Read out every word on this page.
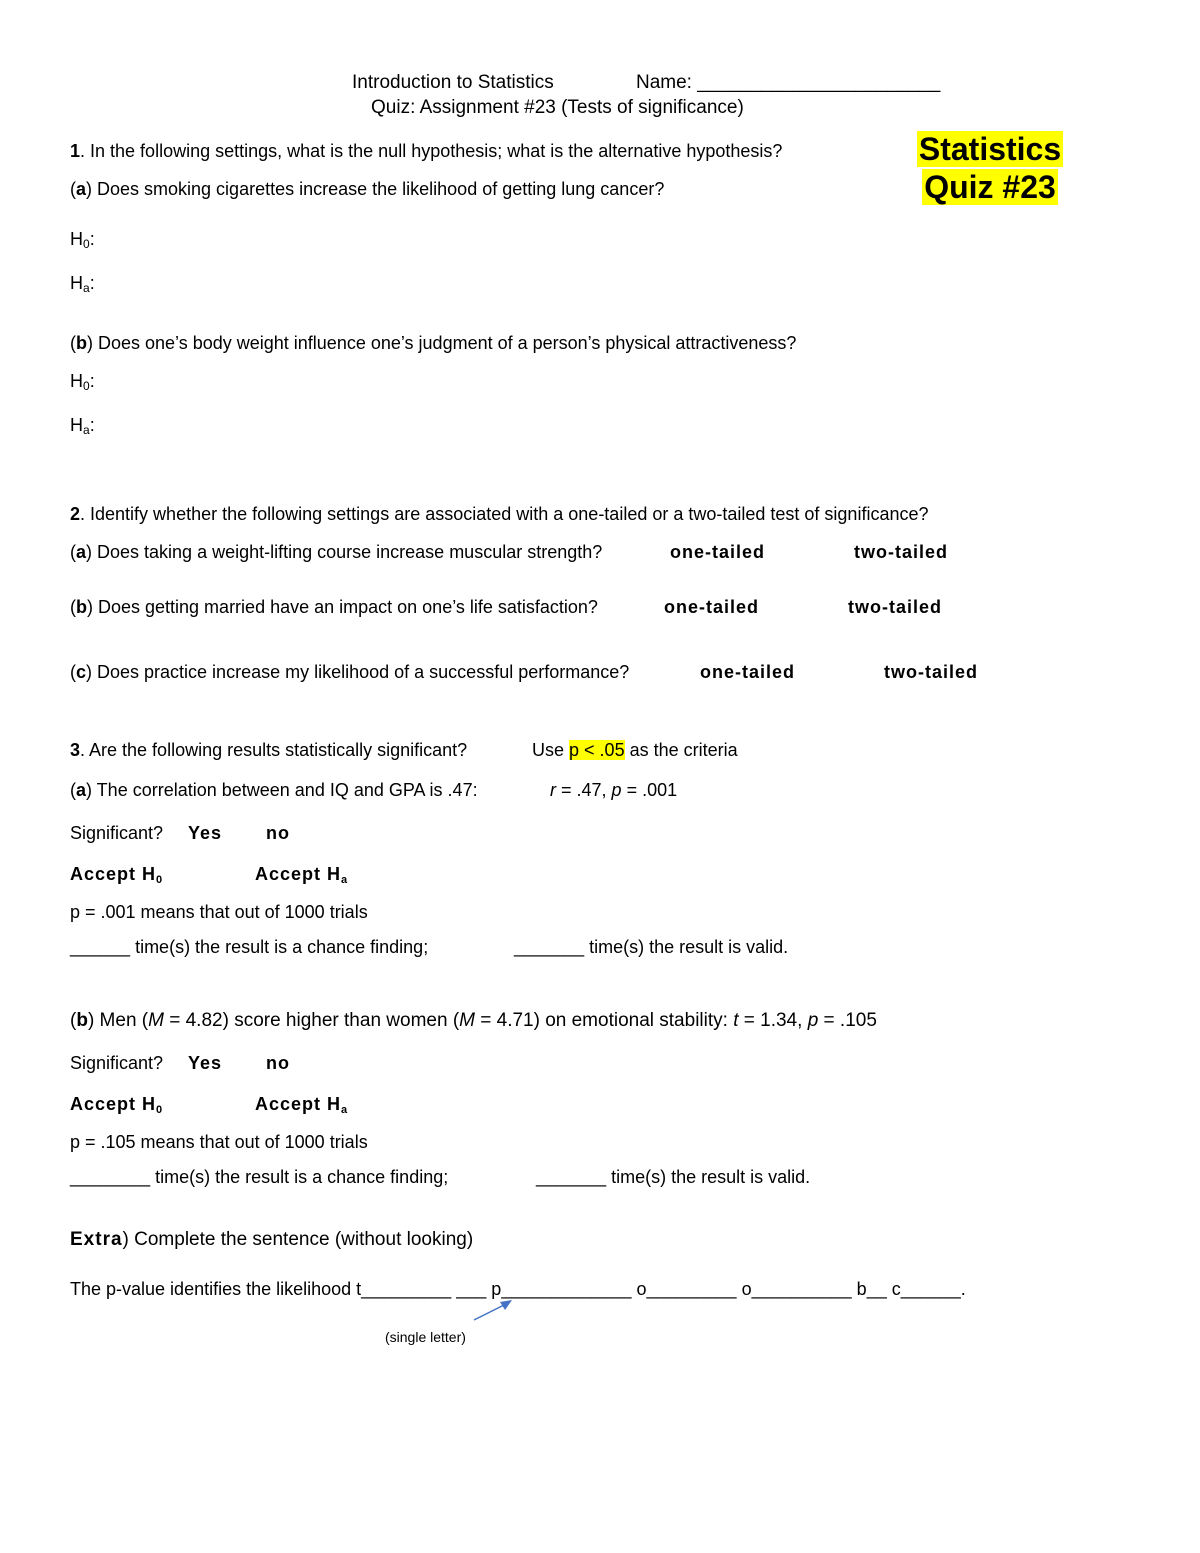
Introduction to Statistics	Name: _______________________
Quiz: Assignment #23 (Tests of significance)
Statistics
Quiz #23
1. In the following settings, what is the null hypothesis; what is the alternative hypothesis?
(a) Does smoking cigarettes increase the likelihood of getting lung cancer?
$H_0$:
$H_a$:
(b) Does one’s body weight influence one’s judgment of a person’s physical attractiveness?
$H_0$:
$H_a$:
2. Identify whether the following settings are associated with a one-tailed or a two-tailed test of significance?
(a) Does taking a weight-lifting course increase muscular strength?	one-tailed	two-tailed
(b) Does getting married have an impact on one’s life satisfaction?	one-tailed	two-tailed
(c) Does practice increase my likelihood of a successful performance?	one-tailed	two-tailed
3. Are the following results statistically significant?	Use p < .05 as the criteria
(a) The correlation between and IQ and GPA is .47:	r = .47, p = .001
Significant? Yes no
Accept H0	Accept Ha
p = .001 means that out of 1000 trials
______ time(s) the result is a chance finding;	_______ time(s) the result is valid.
(b) Men (M = 4.82) score higher than women (M = 4.71) on emotional stability: t = 1.34, p = .105
Significant? Yes no
Accept H0	Accept Ha
p = .105 means that out of 1000 trials
________ time(s) the result is a chance finding;	_______ time(s) the result is valid.
Extra) Complete the sentence (without looking)
The p-value identifies the likelihood t_________ ___ p_____________ o_________ o__________ b__ c______.
(single letter)
